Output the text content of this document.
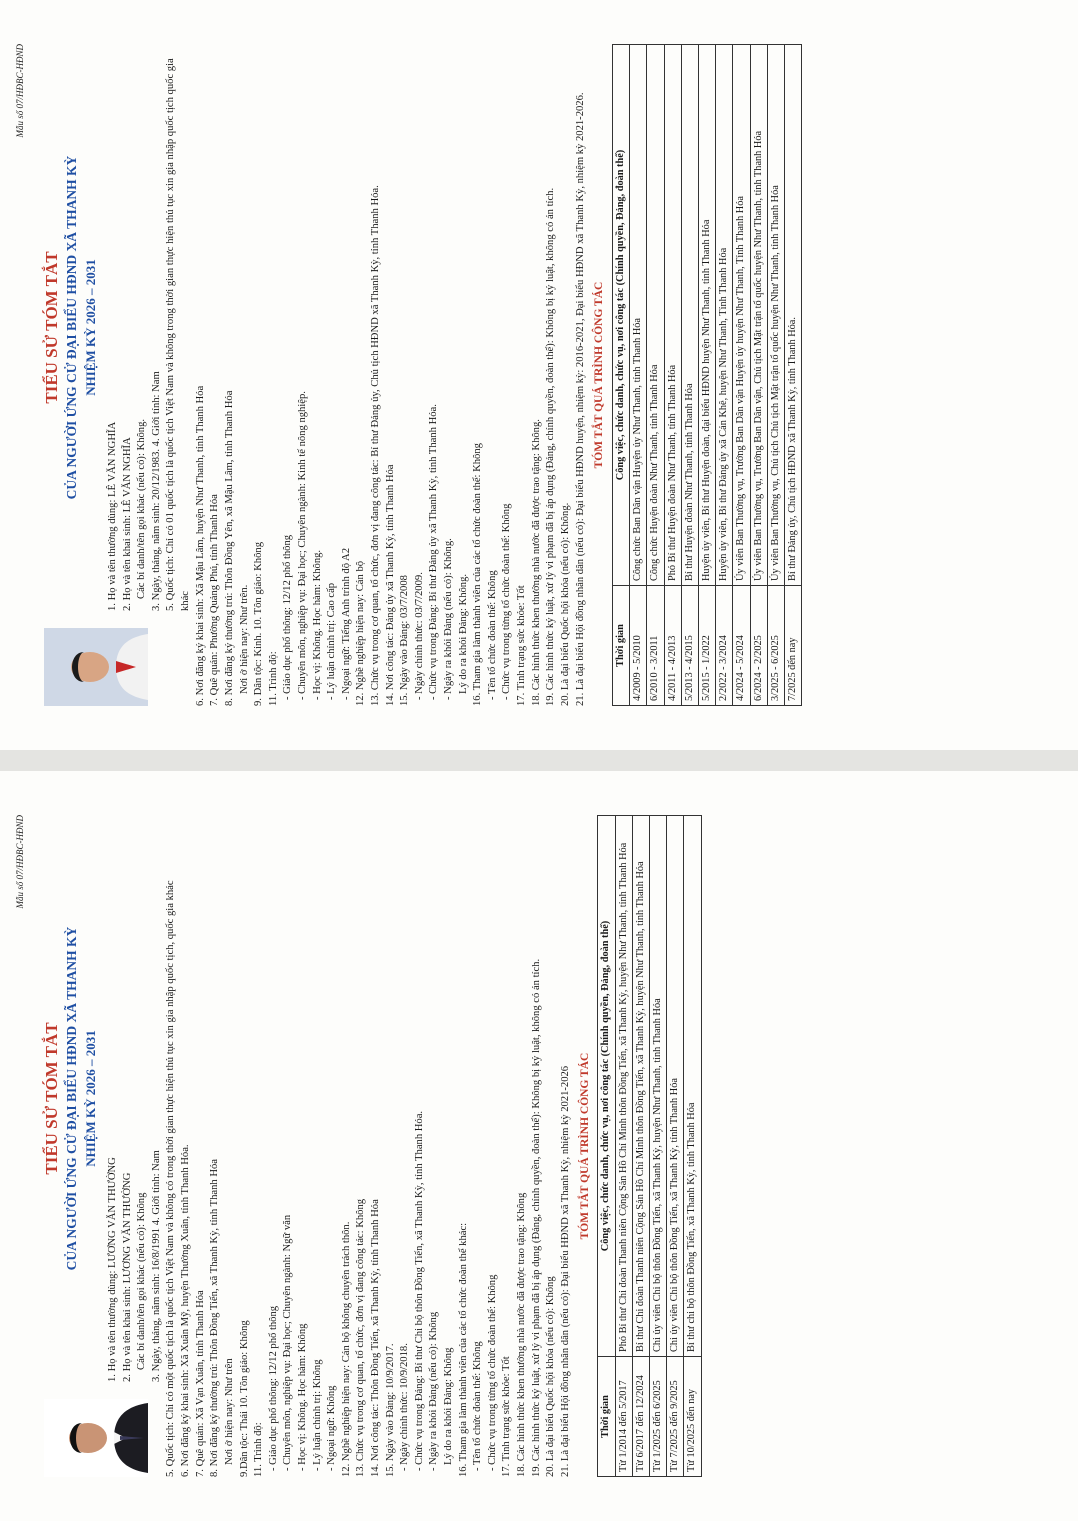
Mẫu số 07/HĐBC-HĐND
TIỂU SỬ TÓM TẮT CỦA NGƯỜI ỨNG CỬ ĐẠI BIỂU HĐND XÃ THANH KỲ NHIỆM KỲ 2026 – 2031
1. Họ và tên thường dùng: LÊ VĂN NGHĨA 2. Họ và tên khai sinh: LÊ VĂN NGHĨA Các bí danh/tên gọi khác (nếu có): Không. 3. Ngày, tháng, năm sinh: 20/12/1983. 4. Giới tính: Nam 5. Quốc tịch: Chỉ có 01 quốc tịch là quốc tịch Việt Nam và không trong thời gian thực hiện thủ tục xin gia nhập quốc tịch quốc gia khác 6. Nơi đăng ký khai sinh: Xã Mậu Lâm, huyện Như Thanh, tỉnh Thanh Hóa 7. Quê quán: Phường Quảng Phú, tỉnh Thanh Hóa 8. Nơi đăng ký thường trú: Thôn Đồng Yên, xã Mậu Lâm, tỉnh Thanh Hóa Nơi ở hiện nay: Như trên. 9. Dân tộc: Kinh. 10. Tôn giáo: Không 11. Trình độ: - Giáo dục phổ thông: 12/12 phổ thông - Chuyên môn, nghiệp vụ: Đại học; Chuyên ngành: Kinh tế nông nghiệp. - Học vị: Không. Học hàm: Không. - Lý luận chính trị: Cao cấp - Ngoại ngữ: Tiếng Anh trình độ A2 12. Nghề nghiệp hiện nay: Cán bộ 13. Chức vụ trong cơ quan, tổ chức, đơn vị đang công tác: Bí thư Đảng ủy, Chủ tịch HĐND xã Thanh Kỳ, tỉnh Thanh Hóa. 14. Nơi công tác: Đảng ủy xã Thanh Kỳ, tỉnh Thanh Hóa 15. Ngày vào Đảng: 03/7/2008 - Ngày chính thức: 03/7/2009. - Chức vụ trong Đảng: Bí thư Đảng ủy xã Thanh Kỳ, tỉnh Thanh Hóa. - Ngày ra khỏi Đảng (nếu có): Không. Lý do ra khỏi Đảng: Không. 16. Tham gia làm thành viên của các tổ chức đoàn thể: Không - Tên tổ chức đoàn thể: Không - Chức vụ trong từng tổ chức đoàn thể: Không 17. Tình trạng sức khỏe: Tốt 18. Các hình thức khen thưởng nhà nước đã được trao tặng: Không. 19. Các hình thức kỷ luật, xử lý vi phạm đã bị áp dụng (Đảng, chính quyền, đoàn thể): Không bị kỷ luật, không có án tích. 20. Là đại biểu Quốc hội khóa (nếu có): Không. 21. Là đại biểu Hội đồng nhân dân (nếu có): Đại biểu HĐND huyện, nhiệm kỳ: 2016-2021, Đại biểu HĐND xã Thanh Kỳ, nhiệm kỳ 2021-2026. TÓM TẮT QUÁ TRÌNH CÔNG TÁC
Thời gian	Công việc, chức danh, chức vụ, nơi công tác (Chính quyền, Đảng, đoàn thể)
4/2009 - 5/2010	Công chức Ban Dân vận Huyện ủy Như Thanh, tỉnh Thanh Hóa
6/2010 - 3/2011	Công chức Huyện đoàn Như Thanh, tỉnh Thanh Hóa
4/2011 - 4/2013	Phó Bí thư Huyện đoàn Như Thanh, tỉnh Thanh Hóa
5/2013 - 4/2015	Bí thư Huyện đoàn Như Thanh, tỉnh Thanh Hóa
5/2015 - 1/2022	Huyện ủy viên, Bí thư Huyện đoàn, đại biểu HĐND huyện Như Thanh, tỉnh Thanh Hóa
2/2022 - 3/2024	Huyện ủy viên, Bí thư Đảng ủy xã Cán Khê, huyện Như Thanh, Tỉnh Thanh Hóa
4/2024 - 5/2024	Ủy viên Ban Thường vụ, Trưởng Ban Dân vận Huyện ủy huyện Như Thanh, Tỉnh Thanh Hóa
6/2024 - 2/2025	Ủy viên Ban Thường vụ, Trưởng Ban Dân vận, Chủ tịch Mặt trận tổ quốc huyện Như Thanh, tỉnh Thanh Hóa
3/2025 - 6/2025	Ủy viên Ban Thường vụ, Chủ tịch Chủ tịch Mặt trận tổ quốc huyện Như Thanh, tỉnh Thanh Hóa
7/2025 đến nay	Bí thư Đảng ủy, Chủ tịch HĐND xã Thanh Kỳ, tỉnh Thanh Hóa.
Mẫu số 07/HĐBC-HĐND
TIỂU SỬ TÓM TẮT CỦA NGƯỜI ỨNG CỬ ĐẠI BIỂU HĐND XÃ THANH KỲ NHIỆM KỲ 2026 – 2031
1. Họ và tên thường dùng: LƯƠNG VĂN THƯỜNG 2. Họ và tên khai sinh: LƯƠNG VĂN THƯỜNG Các bí danh/tên gọi khác (nếu có): Không 3. Ngày, tháng, năm sinh: 16/8/1991 4. Giới tính: Nam 5. Quốc tịch: Chỉ có một quốc tịch là quốc tịch Việt Nam và không có trong thời gian thực hiện thủ tục xin gia nhập quốc tịch, quốc gia khác 6. Nơi đăng ký khai sinh: Xã Xuân Mỹ, huyện Thường Xuân, tỉnh Thanh Hóa. 7. Quê quán: Xã Vạn Xuân, tỉnh Thanh Hóa 8. Nơi đăng ký thường trú: Thôn Đồng Tiến, xã Thanh Kỳ, tỉnh Thanh Hóa Nơi ở hiện nay: Như trên 9.Dân tộc: Thái 10. Tôn giáo: Không 11. Trình độ: - Giáo dục phổ thông: 12/12 phổ thông - Chuyên môn, nghiệp vụ: Đại học; Chuyên ngành: Ngữ văn - Học vị: Không. Học hàm: Không - Lý luận chính trị: Không - Ngoại ngữ: Không 12. Nghề nghiệp hiện nay: Cán bộ không chuyên trách thôn. 13. Chức vụ trong cơ quan, tổ chức, đơn vị đang công tác: Không 14. Nơi công tác: Thôn Đồng Tiến, xã Thanh Kỳ, tỉnh Thanh Hóa 15. Ngày vào Đảng: 10/9/2017. - Ngày chính thức: 10/9/2018. - Chức vụ trong Đảng: Bí thư Chi bộ thôn Đồng Tiến, xã Thanh Kỳ, tỉnh Thanh Hóa. - Ngày ra khỏi Đảng (nếu có): Không Lý do ra khỏi Đảng: Không 16. Tham gia làm thành viên của các tổ chức đoàn thể khác: - Tên tổ chức đoàn thể: Không - Chức vụ trong từng tổ chức đoàn thể: Không 17. Tình trạng sức khỏe: Tốt 18. Các hình thức khen thưởng nhà nước đã được trao tặng: Không 19. Các hình thức kỷ luật, xử lý vi phạm đã bị áp dụng (Đảng, chính quyền, đoàn thể): Không bị kỷ luật, không có án tích. 20. Là đại biểu Quốc hội khóa (nếu có): Không 21. Là đại biểu Hội đồng nhân dân (nếu có): Đại biểu HĐND xã Thanh Kỳ, nhiệm kỳ 2021-2026 TÓM TẮT QUÁ TRÌNH CÔNG TÁC
Thời gian	Công việc, chức danh, chức vụ, nơi công tác (Chính quyền, Đảng, đoàn thể)
Từ 1/2014 đến 5/2017	Phó Bí thư Chi đoàn Thanh niên Cộng Sản Hồ Chí Minh thôn Đồng Tiến, xã Thanh Kỳ, huyện Như Thanh, tỉnh Thanh Hóa
Từ 6/2017 đến 12/2024	Bí thư Chi đoàn Thanh niên Cộng Sản Hồ Chí Minh thôn Đồng Tiến, xã Thanh Kỳ, huyện Như Thanh, tỉnh Thanh Hóa
Từ 1/2025 đến 6/2025	Chi ủy viên Chi bộ thôn Đồng Tiến, xã Thanh Kỳ, huyện Như Thanh, tỉnh Thanh Hóa
Từ 7/2025 đến 9/2025	Chi ủy viên Chi bộ thôn Đồng Tiến, xã Thanh Kỳ, tỉnh Thanh Hóa
Từ 10/2025 đến nay	Bí thư chi bộ thôn Đồng Tiến, xã Thanh Kỳ, tỉnh Thanh Hóa
